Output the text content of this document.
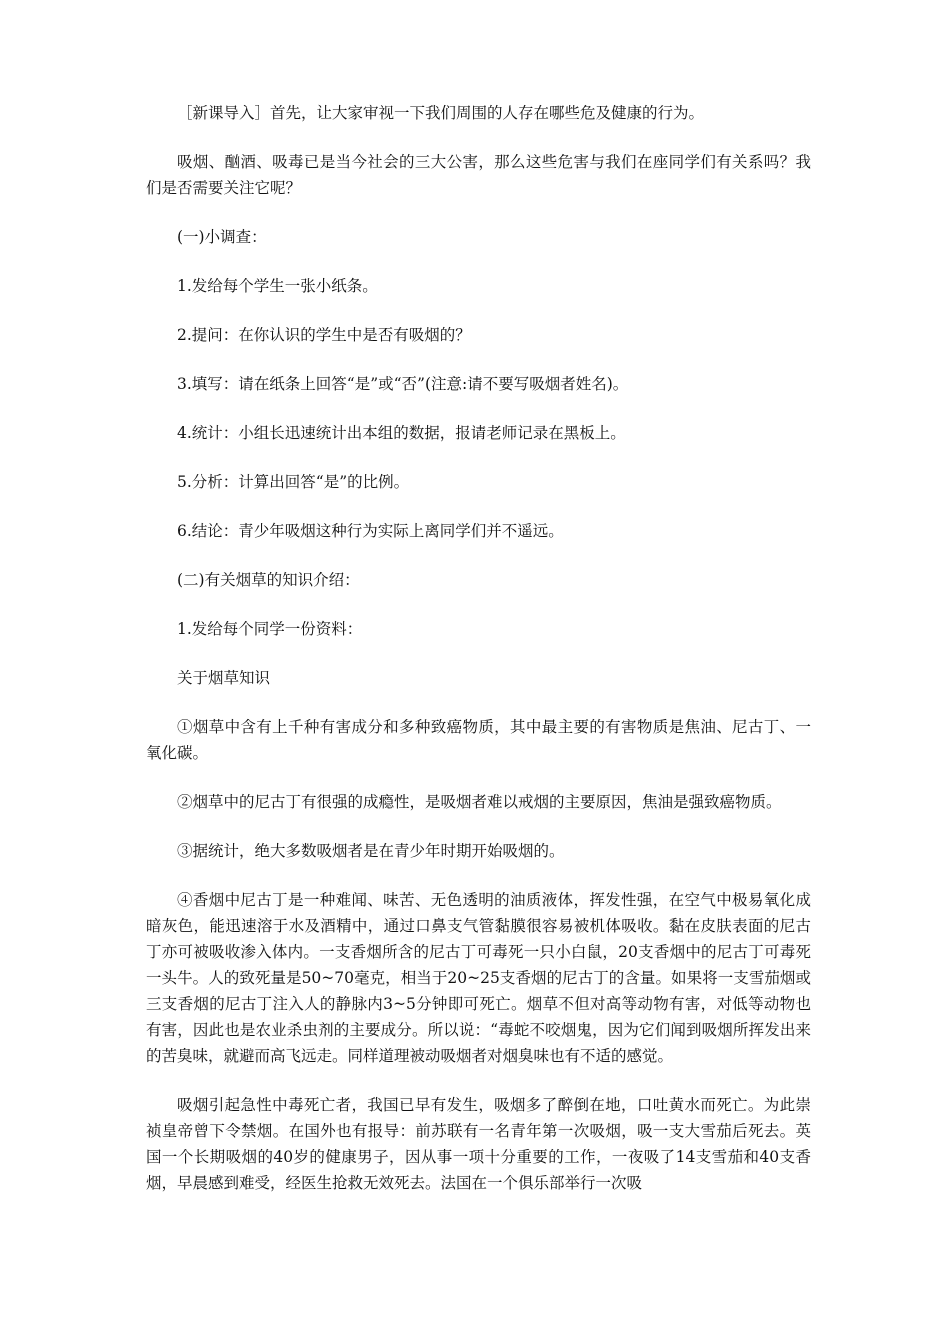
［新课导入］首先，让大家审视一下我们周围的人存在哪些危及健康的行为。

吸烟、酗酒、吸毒已是当今社会的三大公害，那么这些危害与我们在座同学们有关系吗？我们是否需要关注它呢？

(一)小调查：

1.发给每个学生一张小纸条。

2.提问：在你认识的学生中是否有吸烟的？

3.填写：请在纸条上回答“是”或“否”(注意:请不要写吸烟者姓名)。

4.统计：小组长迅速统计出本组的数据，报请老师记录在黑板上。

5.分析：计算出回答“是”的比例。

6.结论：青少年吸烟这种行为实际上离同学们并不遥远。

(二)有关烟草的知识介绍：

1.发给每个同学一份资料：

关于烟草知识

①烟草中含有上千种有害成分和多种致癌物质，其中最主要的有害物质是焦油、尼古丁、一氧化碳。

②烟草中的尼古丁有很强的成瘾性，是吸烟者难以戒烟的主要原因，焦油是强致癌物质。

③据统计，绝大多数吸烟者是在青少年时期开始吸烟的。

④香烟中尼古丁是一种难闻、味苦、无色透明的油质液体，挥发性强，在空气中极易氧化成暗灰色，能迅速溶于水及酒精中，通过口鼻支气管黏膜很容易被机体吸收。黏在皮肤表面的尼古丁亦可被吸收渗入体内。一支香烟所含的尼古丁可毒死一只小白鼠，20支香烟中的尼古丁可毒死一头牛。人的致死量是50~70毫克，相当于20~25支香烟的尼古丁的含量。如果将一支雪茄烟或三支香烟的尼古丁注入人的静脉内3~5分钟即可死亡。烟草不但对高等动物有害，对低等动物也有害，因此也是农业杀虫剂的主要成分。所以说：“毒蛇不咬烟鬼，因为它们闻到吸烟所挥发出来的苦臭味，就避而高飞远走。同样道理被动吸烟者对烟臭味也有不适的感觉。

吸烟引起急性中毒死亡者，我国已早有发生，吸烟多了醉倒在地，口吐黄水而死亡。为此崇祯皇帝曾下令禁烟。在国外也有报导：前苏联有一名青年第一次吸烟，吸一支大雪茄后死去。英国一个长期吸烟的40岁的健康男子，因从事一项十分重要的工作，一夜吸了14支雪茄和40支香烟，早晨感到难受，经医生抢救无效死去。法国在一个俱乐部举行一次吸
